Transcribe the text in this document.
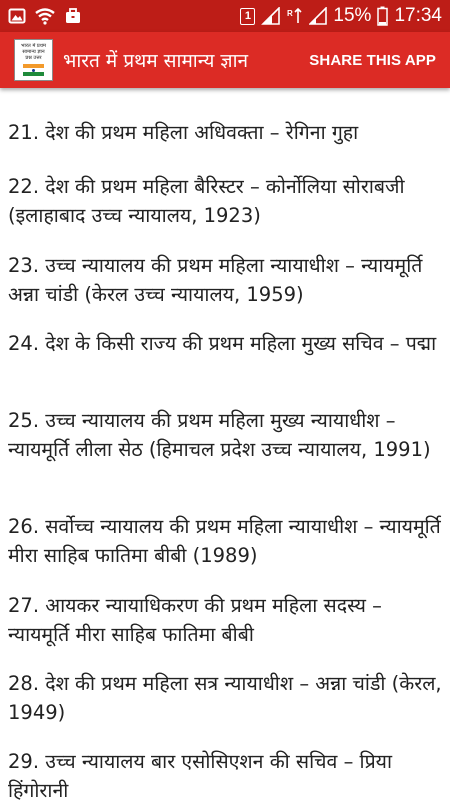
1	R 15% 17:34
भारत में प्रथम
सामान्य ज्ञान
प्रश्न उत्तर	भारत में प्रथम सामान्य ज्ञान	SHARE THIS APP

21. देश की प्रथम महिला अधिवक्ता – रेगिना गुहा

22. देश की प्रथम महिला बैरिस्टर – कोर्नोलिया सोराबजी (इलाहाबाद उच्च न्यायालय, 1923)

23. उच्च न्यायालय की प्रथम महिला न्यायाधीश – न्यायमूर्ति अन्ना चांडी (केरल उच्च न्यायालय, 1959)

24. देश के किसी राज्य की प्रथम महिला मुख्य सचिव – पद्मा

25. उच्च न्यायालय की प्रथम महिला मुख्य न्यायाधीश – न्यायमूर्ति लीला सेठ (हिमाचल प्रदेश उच्च न्यायालय, 1991)

26. सर्वोच्च न्यायालय की प्रथम महिला न्यायाधीश – न्यायमूर्ति मीरा साहिब फातिमा बीबी (1989)

27. आयकर न्यायाधिकरण की प्रथम महिला सदस्य – न्यायमूर्ति मीरा साहिब फातिमा बीबी

28. देश की प्रथम महिला सत्र न्यायाधीश – अन्ना चांडी (केरल, 1949)

29. उच्च न्यायालय बार एसोसिएशन की सचिव – प्रिया हिंगोरानी
